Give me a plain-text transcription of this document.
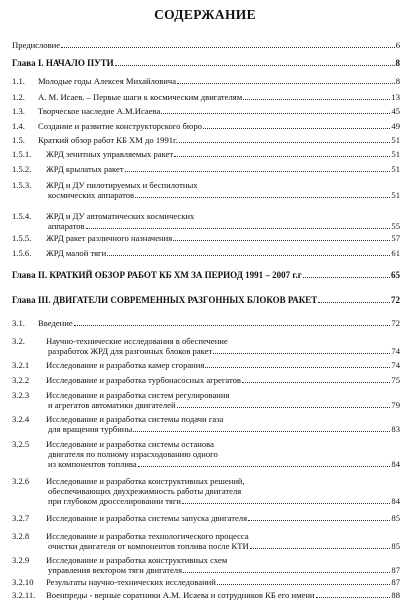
СОДЕРЖАНИЕ
Предисловие	6
Глава I. НАЧАЛО ПУТИ	8
1.1.	Молодые годы Алексея Михайловича	8
1.2.	А. М. Исаев. – Первые шаги к космическим двигателям	13
1.3.	Творческое наследие А.М.Исаева	45
1.4.	Создание и развитие конструкторского бюро	49
1.5.	Краткий обзор работ КБ ХМ до 1991г.	51
1.5.1.	ЖРД зенитных управляемых ракет	51
1.5.2.	ЖРД крылатых ракет	51
1.5.3. ЖРД и ДУ пилотируемых и беспилотных
космических аппаратов	51
1.5.4. ЖРД и ДУ автоматических космических
аппаратов	55
1.5.5.	ЖРД ракет различного назначения	57
1.5.6.	ЖРД малой тяги	61
Глава II. КРАТКИЙ ОБЗОР РАБОТ КБ ХМ ЗА ПЕРИОД 1991 – 2007 г.г	65
Глава III. ДВИГАТЕЛИ СОВРЕМЕННЫХ РАЗГОННЫХ БЛОКОВ РАКЕТ	72
3.1.	Введение	72
3.2. Научно-технические исследования в обеспечение
разработок ЖРД для разгонных блоков ракет	74
3.2.1	Исследование и разработка камер сгорания	74
3.2.2	Исследование и разработка турбонасосных агрегатов	75
3.2.3 Исследование и разработка систем регулирования
и агрегатов автоматики двигателей	79
3.2.4 Исследование и разработка системы подачи газа
для вращения турбины	83
3.2.5 Исследование и разработка системы останова
двигателя по полному израсходованию одного
из компонентов топлива	84
3.2.6 Исследование и разработка конструктивных решений,
обеспечивающих двухрежимность работы двигателя
при глубоком дросселировании тяги	84
3.2.7	Исследование и разработка системы запуска двигателя	85
3.2.8 Исследование и разработка технологического процесса
очистки двигателя от компонентов топлива после КТИ	85
3.2.9 Исследование и разработка конструктивных схем
управления вектором тяги двигателя	87
3.2.10	Результаты научно-технических исследований	87
3.2.11.	Военпреды - верные соратники А.М. Исаева и сотрудников КБ его имени	88
